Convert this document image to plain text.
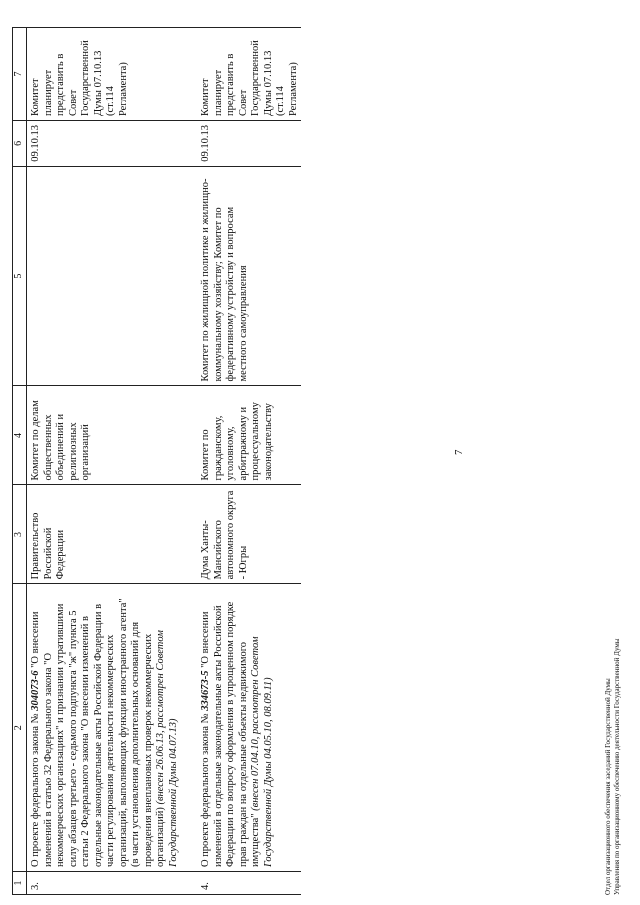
7
1	2	3	4	5	6	7
3.	О проекте федерального закона № 304073-6 "О внесении изменений в статью 32 Федерального закона "О некоммерческих организациях" и признании утратившими силу абзацев третьего - седьмого подпункта "ж" пункта 5 статьи 2 Федерального закона "О внесении изменений в отдельные законодательные акты Российской Федерации в части регулирования деятельности некоммерческих организаций, выполняющих функции иностранного агента" (в части установления дополнительных оснований для проведения внеплановых проверок некоммерческих организаций) (внесен 26.06.13, рассмотрен Советом Государственной Думы 04.07.13)	Правительство Российской Федерации	Комитет по делам общественных объединений и религиозных организаций		09.10.13	Комитет планирует представить в Совет Государственной Думы 07.10.13 (ст.114 Регламента)

4.	О проекте федерального закона № 334673-5 "О внесении изменений в отдельные законодательные акты Российской Федерации по вопросу оформления в упрощенном порядке прав граждан на отдельные объекты недвижимого имущества" (внесен 07.04.10, рассмотрен Советом Государственной Думы 04.05.10, 08.09.11)	Дума Ханты-Мансийского автономного округа - Югры	Комитет по гражданскому, уголовному, арбитражному и процессуальному законодательству	Комитет по жилищной политике и жилищно-коммунальному хозяйству; Комитет по федеративному устройству и вопросам местного самоуправления	09.10.13	Комитет планирует представить в Совет Государственной Думы 07.10.13 (ст.114 Регламента)
Отдел организационного обеспечения заседаний Государственной Думы Управления по организационному обеспечению деятельности Государственной Думы
